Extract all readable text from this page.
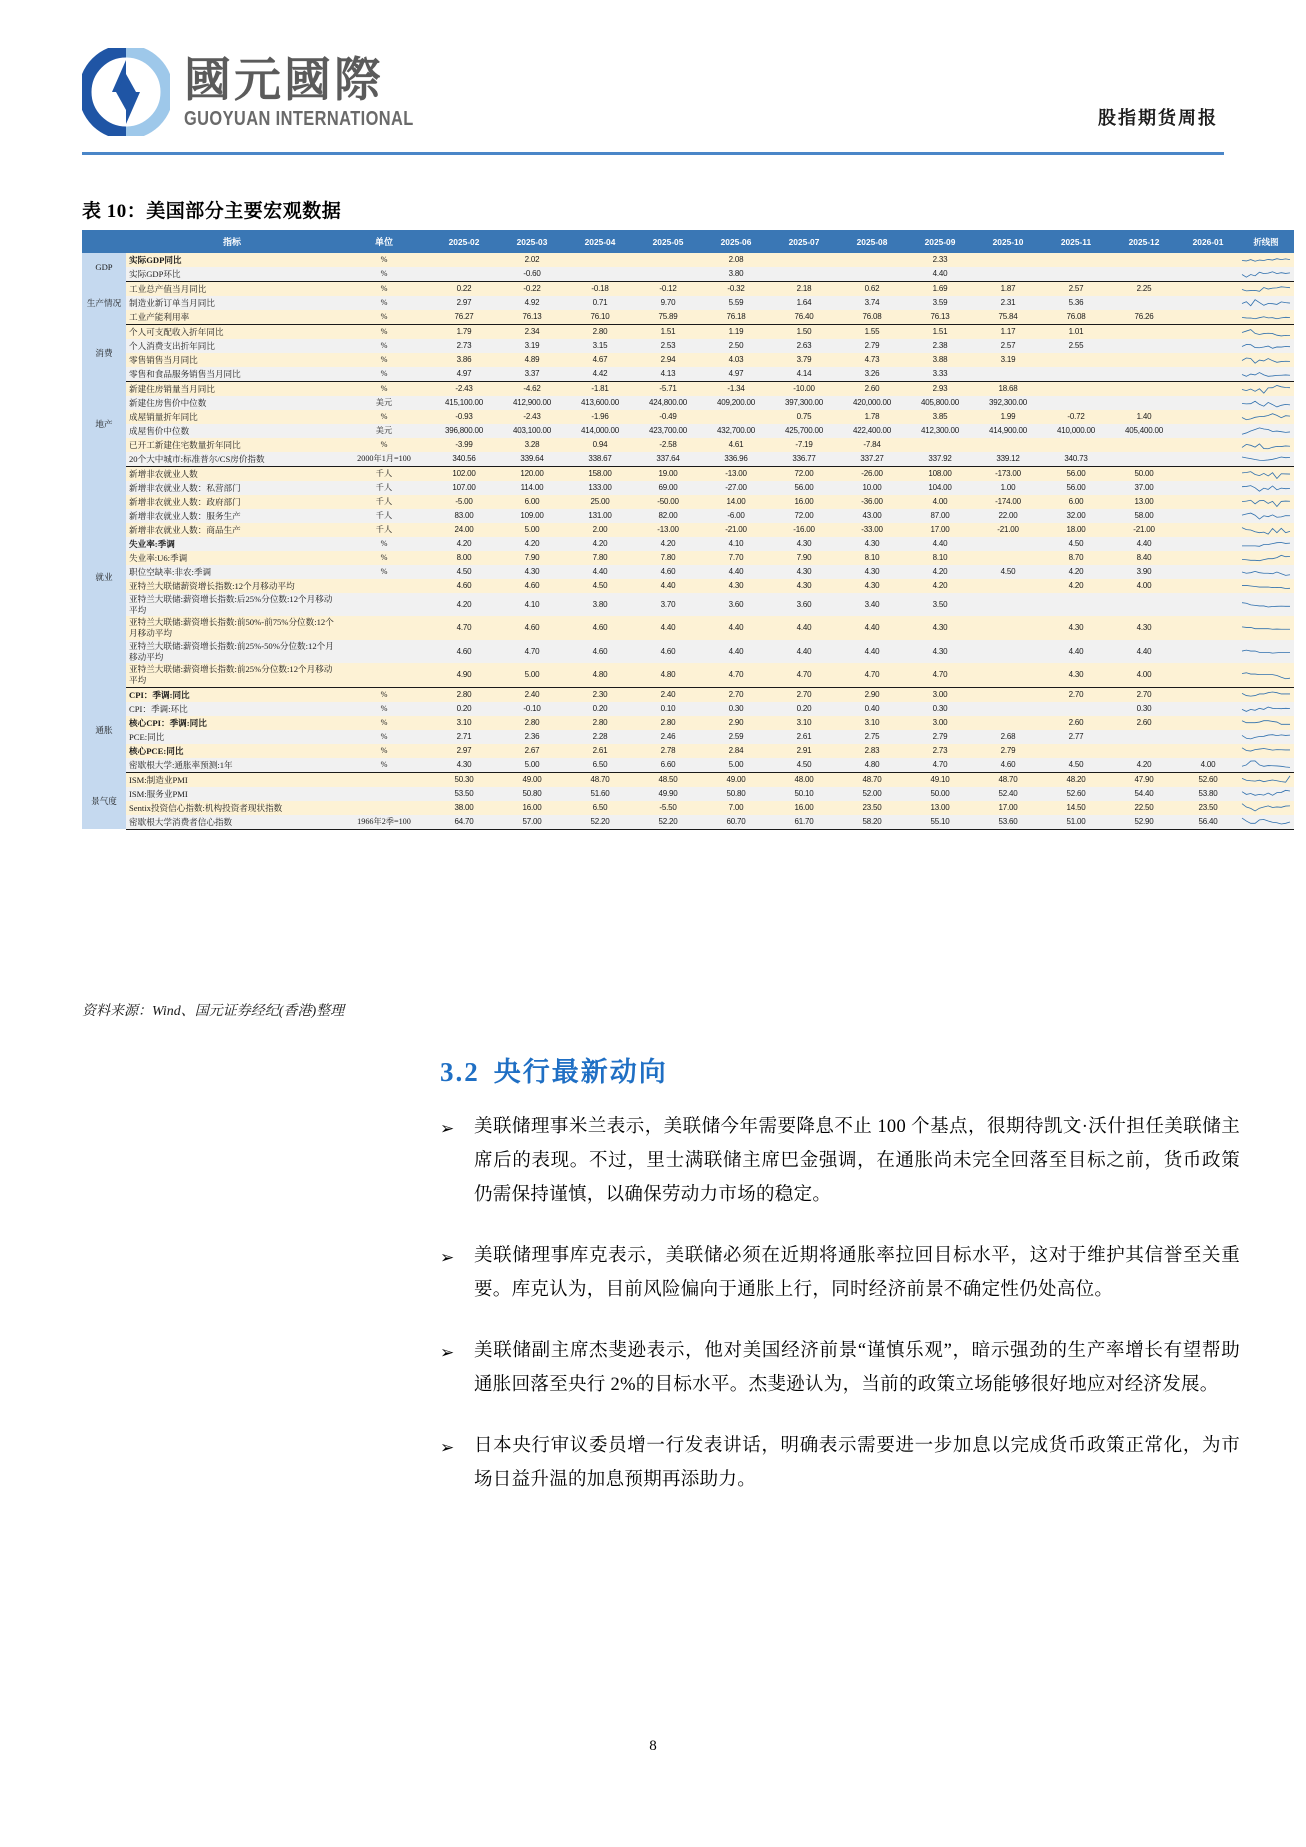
國元國際
GUOYUAN INTERNATIONAL	股指期货周报
表 10：美国部分主要宏观数据
	指标	单位	2025-02	2025-03	2025-04	2025-05	2025-06	2025-07	2025-08	2025-09	2025-10	2025-11	2025-12	2026-01	折线图
GDP	实际GDP同比	%		2.02			2.08			2.33					

	实际GDP环比	%		-0.60			3.80			4.40					

生产情况	工业总产值当月同比	%	0.22	-0.22	-0.18	-0.12	-0.32	2.18	0.62	1.69	1.87	2.57	2.25		

	制造业新订单当月同比	%	2.97	4.92	0.71	9.70	5.59	1.64	3.74	3.59	2.31	5.36			

	工业产能利用率	%	76.27	76.13	76.10	75.89	76.18	76.40	76.08	76.13	75.84	76.08	76.26		

消费	个人可支配收入折年同比	%	1.79	2.34	2.80	1.51	1.19	1.50	1.55	1.51	1.17	1.01			

	个人消费支出折年同比	%	2.73	3.19	3.15	2.53	2.50	2.63	2.79	2.38	2.57	2.55			

	零售销售当月同比	%	3.86	4.89	4.67	2.94	4.03	3.79	4.73	3.88	3.19				

	零售和食品服务销售当月同比	%	4.97	3.37	4.42	4.13	4.97	4.14	3.26	3.33					

地产	新建住房销量当月同比	%	-2.43	-4.62	-1.81	-5.71	-1.34	-10.00	2.60	2.93	18.68				

	新建住房售价中位数	美元	415,100.00	412,900.00	413,600.00	424,800.00	409,200.00	397,300.00	420,000.00	405,800.00	392,300.00				

	成屋销量折年同比	%	-0.93	-2.43	-1.96	-0.49		0.75	1.78	3.85	1.99	-0.72	1.40		

	成屋售价中位数	美元	396,800.00	403,100.00	414,000.00	423,700.00	432,700.00	425,700.00	422,400.00	412,300.00	414,900.00	410,000.00	405,400.00		

	已开工新建住宅数量折年同比	%	-3.99	3.28	0.94	-2.58	4.61	-7.19	-7.84						

	20个大中城市:标准普尔/CS房价指数	2000年1月=100	340.56	339.64	338.67	337.64	336.96	336.77	337.27	337.92	339.12	340.73			

就业	新增非农就业人数	千人	102.00	120.00	158.00	19.00	-13.00	72.00	-26.00	108.00	-173.00	56.00	50.00		

	新增非农就业人数：私营部门	千人	107.00	114.00	133.00	69.00	-27.00	56.00	10.00	104.00	1.00	56.00	37.00		

	新增非农就业人数：政府部门	千人	-5.00	6.00	25.00	-50.00	14.00	16.00	-36.00	4.00	-174.00	6.00	13.00		

	新增非农就业人数：服务生产	千人	83.00	109.00	131.00	82.00	-6.00	72.00	43.00	87.00	22.00	32.00	58.00		

	新增非农就业人数：商品生产	千人	24.00	5.00	2.00	-13.00	-21.00	-16.00	-33.00	17.00	-21.00	18.00	-21.00		

	失业率:季调	%	4.20	4.20	4.20	4.20	4.10	4.30	4.30	4.40		4.50	4.40		

	失业率:U6:季调	%	8.00	7.90	7.80	7.80	7.70	7.90	8.10	8.10		8.70	8.40		

	职位空缺率:非农:季调	%	4.50	4.30	4.40	4.60	4.40	4.30	4.30	4.20	4.50	4.20	3.90		

	亚特兰大联储薪资增长指数:12个月移动平均		4.60	4.60	4.50	4.40	4.30	4.30	4.30	4.20		4.20	4.00		

	亚特兰大联储:薪资增长指数:后25%分位数:12个月移动平均		4.20	4.10	3.80	3.70	3.60	3.60	3.40	3.50					

	亚特兰大联储:薪资增长指数:前50%-前75%分位数:12个月移动平均		4.70	4.60	4.60	4.40	4.40	4.40	4.40	4.30		4.30	4.30		

	亚特兰大联储:薪资增长指数:前25%-50%分位数:12个月移动平均		4.60	4.70	4.60	4.60	4.40	4.40	4.40	4.30		4.40	4.40		

	亚特兰大联储:薪资增长指数:前25%分位数:12个月移动平均		4.90	5.00	4.80	4.80	4.70	4.70	4.70	4.70		4.30	4.00		

通胀	CPI：季调:同比	%	2.80	2.40	2.30	2.40	2.70	2.70	2.90	3.00		2.70	2.70		

	CPI：季调:环比	%	0.20	-0.10	0.20	0.10	0.30	0.20	0.40	0.30			0.30		

	核心CPI：季调:同比	%	3.10	2.80	2.80	2.80	2.90	3.10	3.10	3.00		2.60	2.60		

	PCE:同比	%	2.71	2.36	2.28	2.46	2.59	2.61	2.75	2.79	2.68	2.77			

	核心PCE:同比	%	2.97	2.67	2.61	2.78	2.84	2.91	2.83	2.73	2.79				

	密歇根大学:通胀率预测:1年	%	4.30	5.00	6.50	6.60	5.00	4.50	4.80	4.70	4.60	4.50	4.20	4.00	

景气度	ISM:制造业PMI		50.30	49.00	48.70	48.50	49.00	48.00	48.70	49.10	48.70	48.20	47.90	52.60	

	ISM:服务业PMI		53.50	50.80	51.60	49.90	50.80	50.10	52.00	50.00	52.40	52.60	54.40	53.80	

	Sentix投资信心指数:机构投资者现状指数		38.00	16.00	6.50	-5.50	7.00	16.00	23.50	13.00	17.00	14.50	22.50	23.50	

	密歇根大学消费者信心指数	1966年2季=100	64.70	57.00	52.20	52.20	60.70	61.70	58.20	55.10	53.60	51.00	52.90	56.40	
资料来源：Wind、国元证券经纪(香港)整理
3.2 央行最新动向
➢	美联储理事米兰表示，美联储今年需要降息不止 100 个基点，很期待凯文·沃什担任美联储主席后的表现。不过，里士满联储主席巴金强调，在通胀尚未完全回落至目标之前，货币政策仍需保持谨慎，以确保劳动力市场的稳定。
➢	美联储理事库克表示，美联储必须在近期将通胀率拉回目标水平，这对于维护其信誉至关重要。库克认为，目前风险偏向于通胀上行，同时经济前景不确定性仍处高位。
➢	美联储副主席杰斐逊表示，他对美国经济前景“谨慎乐观”，暗示强劲的生产率增长有望帮助通胀回落至央行 2%的目标水平。杰斐逊认为，当前的政策立场能够很好地应对经济发展。
➢	日本央行审议委员增一行发表讲话，明确表示需要进一步加息以完成货币政策正常化，为市场日益升温的加息预期再添助力。
8
